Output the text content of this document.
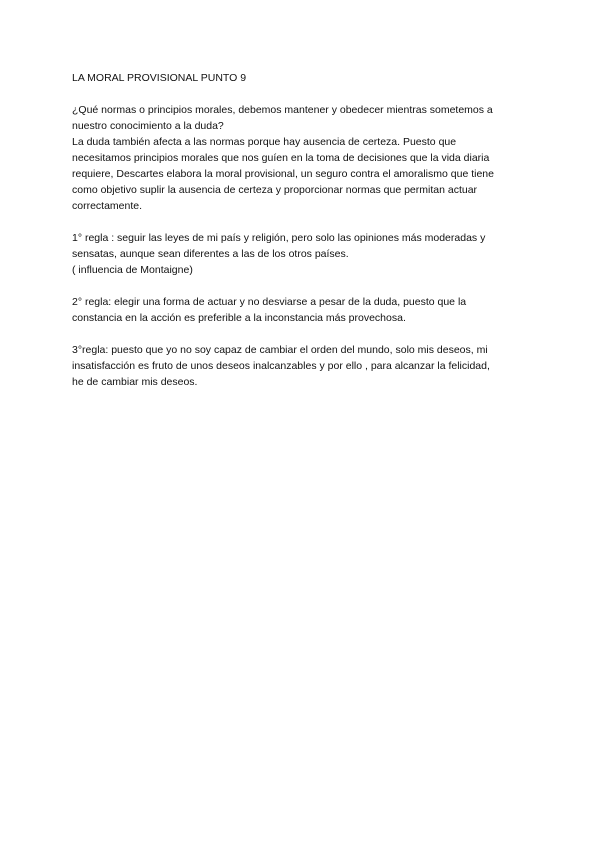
LA MORAL PROVISIONAL PUNTO 9
¿Qué normas o principios morales, debemos mantener y obedecer mientras sometemos a
nuestro conocimiento a la duda?
La duda también afecta a las normas porque hay ausencia de certeza. Puesto que
necesitamos principios morales que nos guíen en la toma de decisiones que la vida diaria
requiere, Descartes elabora la moral provisional, un seguro contra el amoralismo que tiene
como objetivo suplir la ausencia de certeza y proporcionar normas que permitan actuar
correctamente.
1° regla : seguir las leyes de mi país y religión, pero solo las opiniones más moderadas y
sensatas, aunque sean diferentes a las de los otros países.
( influencia de Montaigne)
2° regla: elegir una forma de actuar y no desviarse a pesar de la duda, puesto que la
constancia en la acción es preferible a la inconstancia más provechosa.
3°regla: puesto que yo no soy capaz de cambiar el orden del mundo, solo mis deseos, mi
insatisfacción es fruto de unos deseos inalcanzables y por ello , para alcanzar la felicidad,
he de cambiar mis deseos.
